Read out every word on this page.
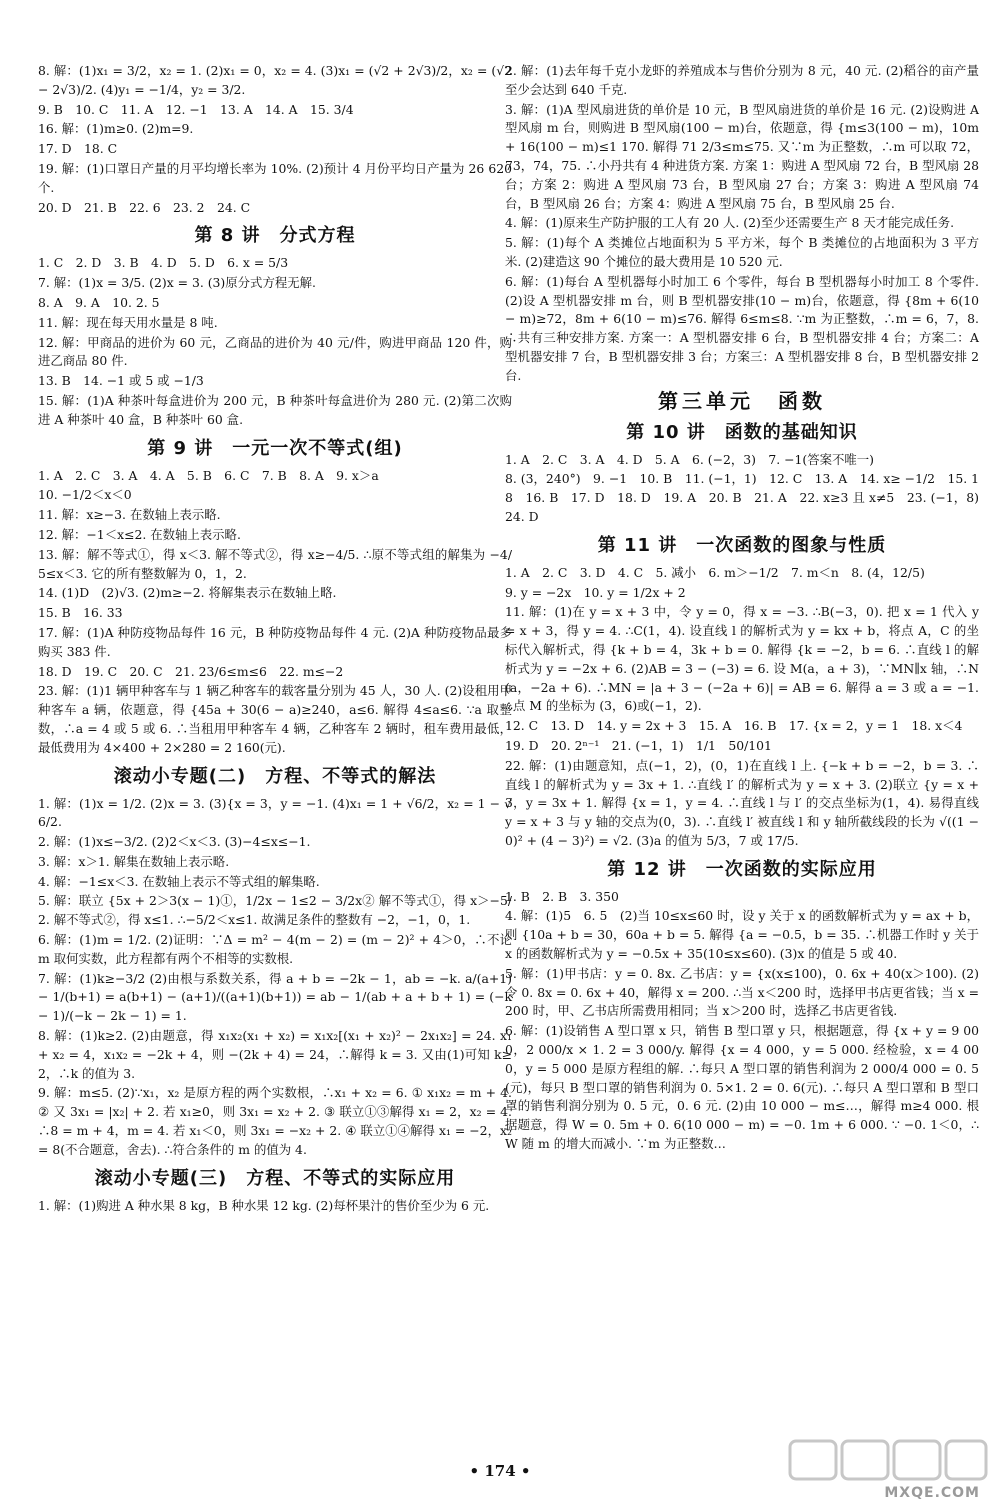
8. 解：(1)x₁ = 3/2，x₂ = 1. (2)x₁ = 0，x₂ = 4. (3)x₁ = (√2 + 2√3)/2，x₂ = (√2 − 2√3)/2. (4)y₁ = −1/4，y₂ = 3/2.
9. B　10. C　11. A　12. −1　13. A　14. A　15. 3/4
16. 解：(1)m≥0. (2)m=9.
17. D　18. C
19. 解：(1)口罩日产量的月平均增长率为 10%. (2)预计 4 月份平均日产量为 26 620 个.
20. D　21. B　22. 6　23. 2　24. C
第 8 讲　分式方程
1. C　2. D　3. B　4. D　5. D　6. x = 5/3
7. 解：(1)x = 3/5. (2)x = 3. (3)原分式方程无解.
8. A　9. A　10. 2. 5
11. 解：现在每天用水量是 8 吨.
12. 解：甲商品的进价为 60 元，乙商品的进价为 40 元/件，购进甲商品 120 件，购进乙商品 80 件.
13. B　14. −1 或 5 或 −1/3
15. 解：(1)A 种茶叶每盒进价为 200 元，B 种茶叶每盒进价为 280 元. (2)第二次购进 A 种茶叶 40 盒，B 种茶叶 60 盒.
第 9 讲　一元一次不等式(组)
1. A　2. C　3. A　4. A　5. B　6. C　7. B　8. A　9. x＞a
10. −1/2＜x＜0
11. 解：x≥−3. 在数轴上表示略.
12. 解：−1＜x≤2. 在数轴上表示略.
13. 解：解不等式①，得 x＜3. 解不等式②，得 x≥−4/5. ∴原不等式组的解集为 −4/5≤x＜3. 它的所有整数解为 0，1，2.
14. (1)D　(2)√3. (2)m≥−2. 将解集表示在数轴上略.
15. B　16. 33
17. 解：(1)A 种防疫物品每件 16 元，B 种防疫物品每件 4 元. (2)A 种防疫物品最多购买 383 件.
18. D　19. C　20. C　21. 23/6≤m≤6　22. m≤−2
23. 解：(1)1 辆甲种客车与 1 辆乙种客车的载客量分别为 45 人，30 人. (2)设租用甲种客车 a 辆，依题意，得 {45a + 30(6 − a)≥240，a≤6. 解得 4≤a≤6. ∵a 取整数，∴a = 4 或 5 或 6. ∴当租用甲种客车 4 辆，乙种客车 2 辆时，租车费用最低，最低费用为 4×400 + 2×280 = 2 160(元).
滚动小专题(二)　方程、不等式的解法
1. 解：(1)x = 1/2. (2)x = 3. (3){x = 3，y = −1. (4)x₁ = 1 + √6/2，x₂ = 1 − √6/2.
2. 解：(1)x≤−3/2. (2)2＜x＜3. (3)−4≤x≤−1.
3. 解：x＞1. 解集在数轴上表示略.
4. 解：−1≤x＜3. 在数轴上表示不等式组的解集略.
5. 解：联立 {5x + 2＞3(x − 1)①，1/2x − 1≤2 − 3/2x② 解不等式①，得 x＞−5/2. 解不等式②，得 x≤1. ∴−5/2＜x≤1. 故满足条件的整数有 −2，−1，0，1.
6. 解：(1)m = 1/2. (2)证明：∵Δ = m² − 4(m − 2) = (m − 2)² + 4＞0，∴不论 m 取何实数，此方程都有两个不相等的实数根.
7. 解：(1)k≥−3/2 (2)由根与系数关系，得 a + b = −2k − 1，ab = −k. a/(a+1) − 1/(b+1) = a(b+1) − (a+1)/((a+1)(b+1)) = ab − 1/(ab + a + b + 1) = (−k − 1)/(−k − 2k − 1) = 1.
8. 解：(1)k≥2. (2)由题意，得 x₁x₂(x₁ + x₂) = x₁x₂[(x₁ + x₂)² − 2x₁x₂] = 24. x₁ + x₂ = 4，x₁x₂ = −2k + 4，则 −(2k + 4) = 24，∴解得 k = 3. 又由(1)可知 k≥2，∴k 的值为 3.
9. 解：m≤5. (2)∵x₁，x₂ 是原方程的两个实数根，∴x₁ + x₂ = 6. ① x₁x₂ = m + 4. ② 又 3x₁ = |x₂| + 2. 若 x₁≥0，则 3x₁ = x₂ + 2. ③ 联立①③解得 x₁ = 2，x₂ = 4. ∴8 = m + 4，m = 4. 若 x₁＜0，则 3x₁ = −x₂ + 2. ④ 联立①④解得 x₁ = −2，x₂ = 8(不合题意，舍去). ∴符合条件的 m 的值为 4.
滚动小专题(三)　方程、不等式的实际应用
1. 解：(1)购进 A 种水果 8 kg，B 种水果 12 kg. (2)每杯果汁的售价至少为 6 元.
2. 解：(1)去年每千克小龙虾的养殖成本与售价分别为 8 元，40 元. (2)稻谷的亩产量至少会达到 640 千克.
3. 解：(1)A 型风扇进货的单价是 10 元，B 型风扇进货的单价是 16 元. (2)设购进 A 型风扇 m 台，则购进 B 型风扇(100 − m)台，依题意，得 {m≤3(100 − m)，10m + 16(100 − m)≤1 170. 解得 71 2/3≤m≤75. 又∵m 为正整数，∴m 可以取 72，73，74，75. ∴小丹共有 4 种进货方案. 方案 1：购进 A 型风扇 72 台，B 型风扇 28 台；方案 2：购进 A 型风扇 73 台，B 型风扇 27 台；方案 3：购进 A 型风扇 74 台，B 型风扇 26 台；方案 4：购进 A 型风扇 75 台，B 型风扇 25 台.
4. 解：(1)原来生产防护服的工人有 20 人. (2)至少还需要生产 8 天才能完成任务.
5. 解：(1)每个 A 类摊位占地面积为 5 平方米，每个 B 类摊位的占地面积为 3 平方米. (2)建造这 90 个摊位的最大费用是 10 520 元.
6. 解：(1)每台 A 型机器每小时加工 6 个零件，每台 B 型机器每小时加工 8 个零件. (2)设 A 型机器安排 m 台，则 B 型机器安排(10 − m)台，依题意，得 {8m + 6(10 − m)≥72，8m + 6(10 − m)≤76. 解得 6≤m≤8. ∵m 为正整数，∴m = 6，7，8. ∴共有三种安排方案. 方案一：A 型机器安排 6 台，B 型机器安排 4 台；方案二：A 型机器安排 7 台，B 型机器安排 3 台；方案三：A 型机器安排 8 台，B 型机器安排 2 台.
第三单元　函数
第 10 讲　函数的基础知识
1. A　2. C　3. A　4. D　5. A　6. (−2，3)　7. −1(答案不唯一)
8. (3，240°)　9. −1　10. B　11. (−1，1)　12. C　13. A　14. x≥ −1/2　15. 18　16. B　17. D　18. D　19. A　20. B　21. A　22. x≥3 且 x≠5　23. (−1，8)　24. D
第 11 讲　一次函数的图象与性质
1. A　2. C　3. D　4. C　5. 减小　6. m＞−1/2　7. m＜n　8. (4，12/5)
9. y = −2x　10. y = 1/2x + 2
11. 解：(1)在 y = x + 3 中，令 y = 0，得 x = −3. ∴B(−3，0). 把 x = 1 代入 y = x + 3，得 y = 4. ∴C(1，4). 设直线 l 的解析式为 y = kx + b，将点 A，C 的坐标代入解析式，得 {k + b = 4，3k + b = 0. 解得 {k = −2，b = 6. ∴直线 l 的解析式为 y = −2x + 6. (2)AB = 3 − (−3) = 6. 设 M(a，a + 3)，∵MN∥x 轴，∴N(a，−2a + 6). ∴MN = |a + 3 − (−2a + 6)| = AB = 6. 解得 a = 3 或 a = −1. ∴点 M 的坐标为 (3，6)或(−1，2).
12. C　13. D　14. y = 2x + 3　15. A　16. B　17. {x = 2，y = 1　18. x＜4
19. D　20. 2ⁿ⁻¹　21. (−1，1)　1/1　50/101
22. 解：(1)由题意知，点(−1，2)，(0，1)在直线 l 上. {−k + b = −2，b = 3. ∴直线 l 的解析式为 y = 3x + 1. ∴直线 l′ 的解析式为 y = x + 3. (2)联立 {y = x + 3，y = 3x + 1. 解得 {x = 1，y = 4. ∴直线 l 与 l′ 的交点坐标为(1，4). 易得直线 y = x + 3 与 y 轴的交点为(0，3). ∴直线 l′ 被直线 l 和 y 轴所截线段的长为 √((1 − 0)² + (4 − 3)²) = √2. (3)a 的值为 5/3，7 或 17/5.
第 12 讲　一次函数的实际应用
1. B　2. B　3. 350
4. 解：(1)5　6. 5　(2)当 10≤x≤60 时，设 y 关于 x 的函数解析式为 y = ax + b，则 {10a + b = 30，60a + b = 5. 解得 {a = −0.5，b = 35. ∴机器工作时 y 关于 x 的函数解析式为 y = −0.5x + 35(10≤x≤60). (3)x 的值是 5 或 40.
5. 解：(1)甲书店：y = 0. 8x. 乙书店：y = {x(x≤100)，0. 6x + 40(x＞100). (2)令 0. 8x = 0. 6x + 40，解得 x = 200. ∴当 x＜200 时，选择甲书店更省钱；当 x = 200 时，甲、乙书店所需费用相同；当 x＞200 时，选择乙书店更省钱.
6. 解：(1)设销售 A 型口罩 x 只，销售 B 型口罩 y 只，根据题意，得 {x + y = 9 000，2 000/x × 1. 2 = 3 000/y. 解得 {x = 4 000，y = 5 000. 经检验，x = 4 000，y = 5 000 是原方程组的解. ∴每只 A 型口罩的销售利润为 2 000/4 000 = 0. 5(元)，每只 B 型口罩的销售利润为 0. 5×1. 2 = 0. 6(元). ∴每只 A 型口罩和 B 型口罩的销售利润分别为 0. 5 元，0. 6 元. (2)由 10 000 − m≤…，解得 m≥4 000. 根据题意，得 W = 0. 5m + 0. 6(10 000 − m) = −0. 1m + 6 000. ∵ −0. 1＜0，∴W 随 m 的增大而减小. ∵m 为正整数…
• 174 •
MXQE.COM
